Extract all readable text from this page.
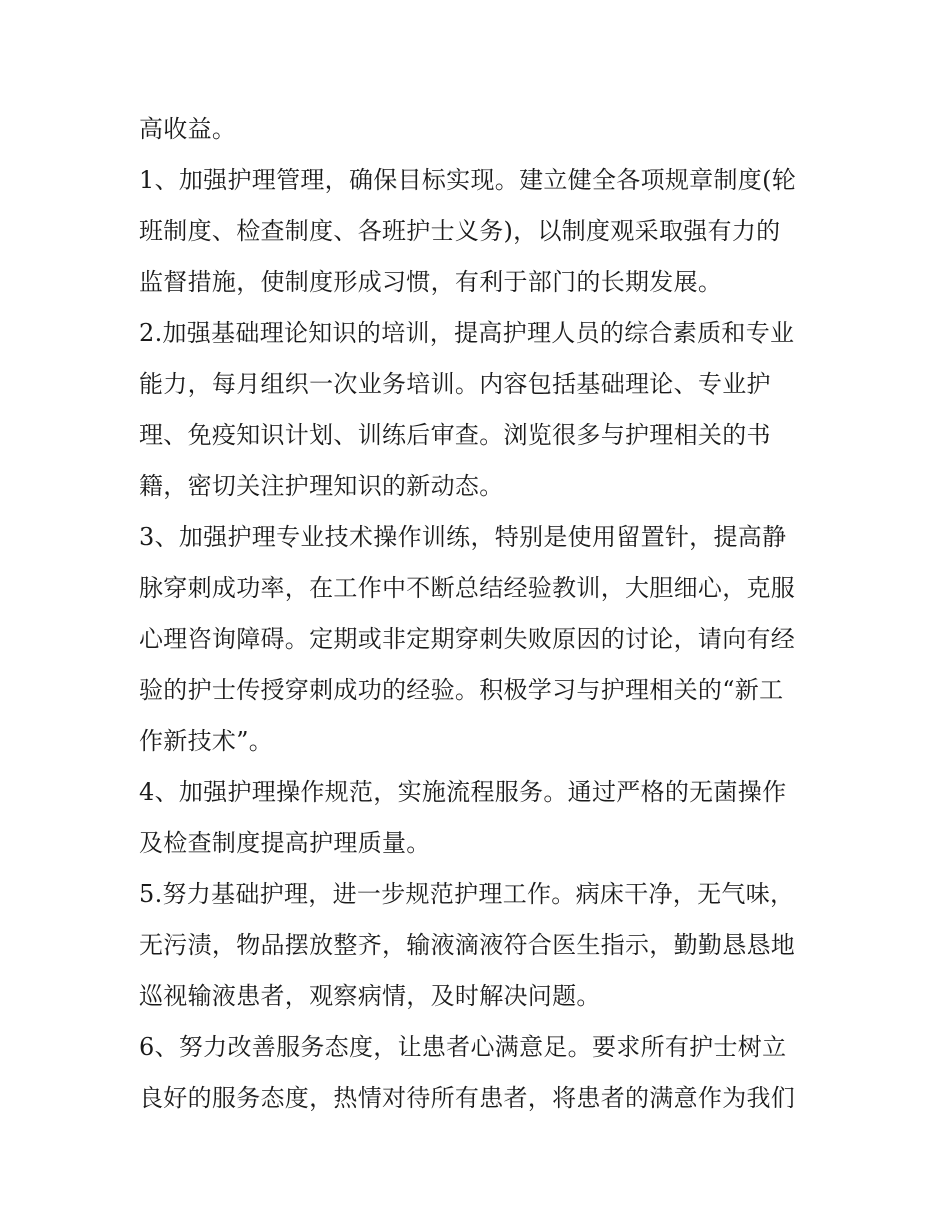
高收益。
1、加强护理管理，确保目标实现。建立健全各项规章制度(轮
班制度、检查制度、各班护士义务)，以制度观采取强有力的
监督措施，使制度形成习惯，有利于部门的长期发展。
2.加强基础理论知识的培训，提高护理人员的综合素质和专业
能力，每月组织一次业务培训。内容包括基础理论、专业护
理、免疫知识计划、训练后审查。浏览很多与护理相关的书
籍，密切关注护理知识的新动态。
3、加强护理专业技术操作训练，特别是使用留置针，提高静
脉穿刺成功率，在工作中不断总结经验教训，大胆细心，克服
心理咨询障碍。定期或非定期穿刺失败原因的讨论，请向有经
验的护士传授穿刺成功的经验。积极学习与护理相关的“新工
作新技术”。
4、加强护理操作规范，实施流程服务。通过严格的无菌操作
及检查制度提高护理质量。
5.努力基础护理，进一步规范护理工作。病床干净，无气味，
无污渍，物品摆放整齐，输液滴液符合医生指示，勤勤恳恳地
巡视输液患者，观察病情，及时解决问题。
6、努力改善服务态度，让患者心满意足。要求所有护士树立
良好的服务态度，热情对待所有患者，将患者的满意作为我们
